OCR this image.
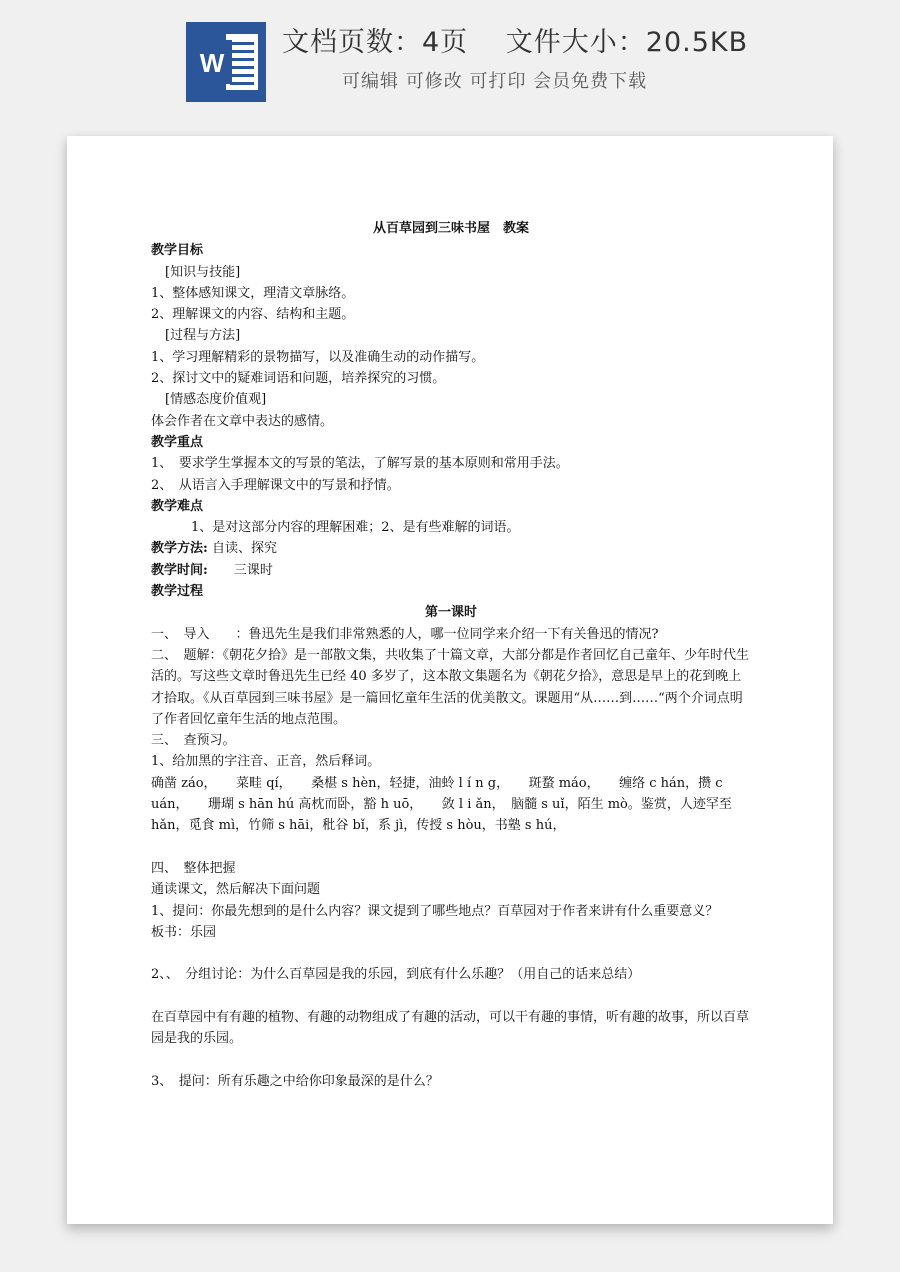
W
文档页数：4页　 文件大小：20.5KB
可编辑 可修改 可打印 会员免费下载

从百草园到三味书屋　教案

教学目标

[知识与技能]

1、整体感知课文，理清文章脉络。

2、理解课文的内容、结构和主题。

[过程与方法]

1、学习理解精彩的景物描写，以及准确生动的动作描写。

2、探讨文中的疑难词语和问题，培养探究的习惯。

[情感态度价值观]

体会作者在文章中表达的感情。

教学重点

1、　要求学生掌握本文的写景的笔法，了解写景的基本原则和常用手法。

2、　从语言入手理解课文中的写景和抒情。

教学难点

1、是对这部分内容的理解困难；2、是有些难解的词语。

教学方法: 自读、探究

教学时间:　　三课时

教学过程

第一课时

一、　导入　　：鲁迅先生是我们非常熟悉的人，哪一位同学来介绍一下有关鲁迅的情况?

二、　题解：《朝花夕拾》是一部散文集，共收集了十篇文章，大部分都是作者回忆自己童年、少年时代生活的。写这些文章时鲁迅先生已经 40 多岁了，这本散文集题名为《朝花夕拾》，意思是早上的花到晚上才拾取。《从百草园到三味书屋》是一篇回忆童年生活的优美散文。课题用“从……到……“两个介词点明了作者回忆童年生活的地点范围。

三、　查预习。

1、给加黑的字注音、正音，然后释词。

确凿 záo，　　菜畦 qí，　　桑椹 s hèn，轻捷，油蛉 l í n g，　　斑蝥 máo，　　缠络 c hán，攒 c uán，　　珊瑚 s hān hú 高枕而卧，豁 h uō，　　敛 l i ǎn，　脑髓 s uǐ，陌生 mò。鉴赏，人迹罕至 hǎn，觅食 mì，竹筛 s hāi，秕谷 bǐ，系 jì，传授 s hòu，书塾 s hú，

四、　整体把握

通读课文，然后解决下面问题

1、提问：你最先想到的是什么内容？课文提到了哪些地点？百草园对于作者来讲有什么重要意义？

板书：乐园

2、、　分组讨论：为什么百草园是我的乐园，到底有什么乐趣？（用自己的话来总结）

在百草园中有有趣的植物、有趣的动物组成了有趣的活动，可以干有趣的事情，听有趣的故事，所以百草园是我的乐园。

3、　提问：所有乐趣之中给你印象最深的是什么？
